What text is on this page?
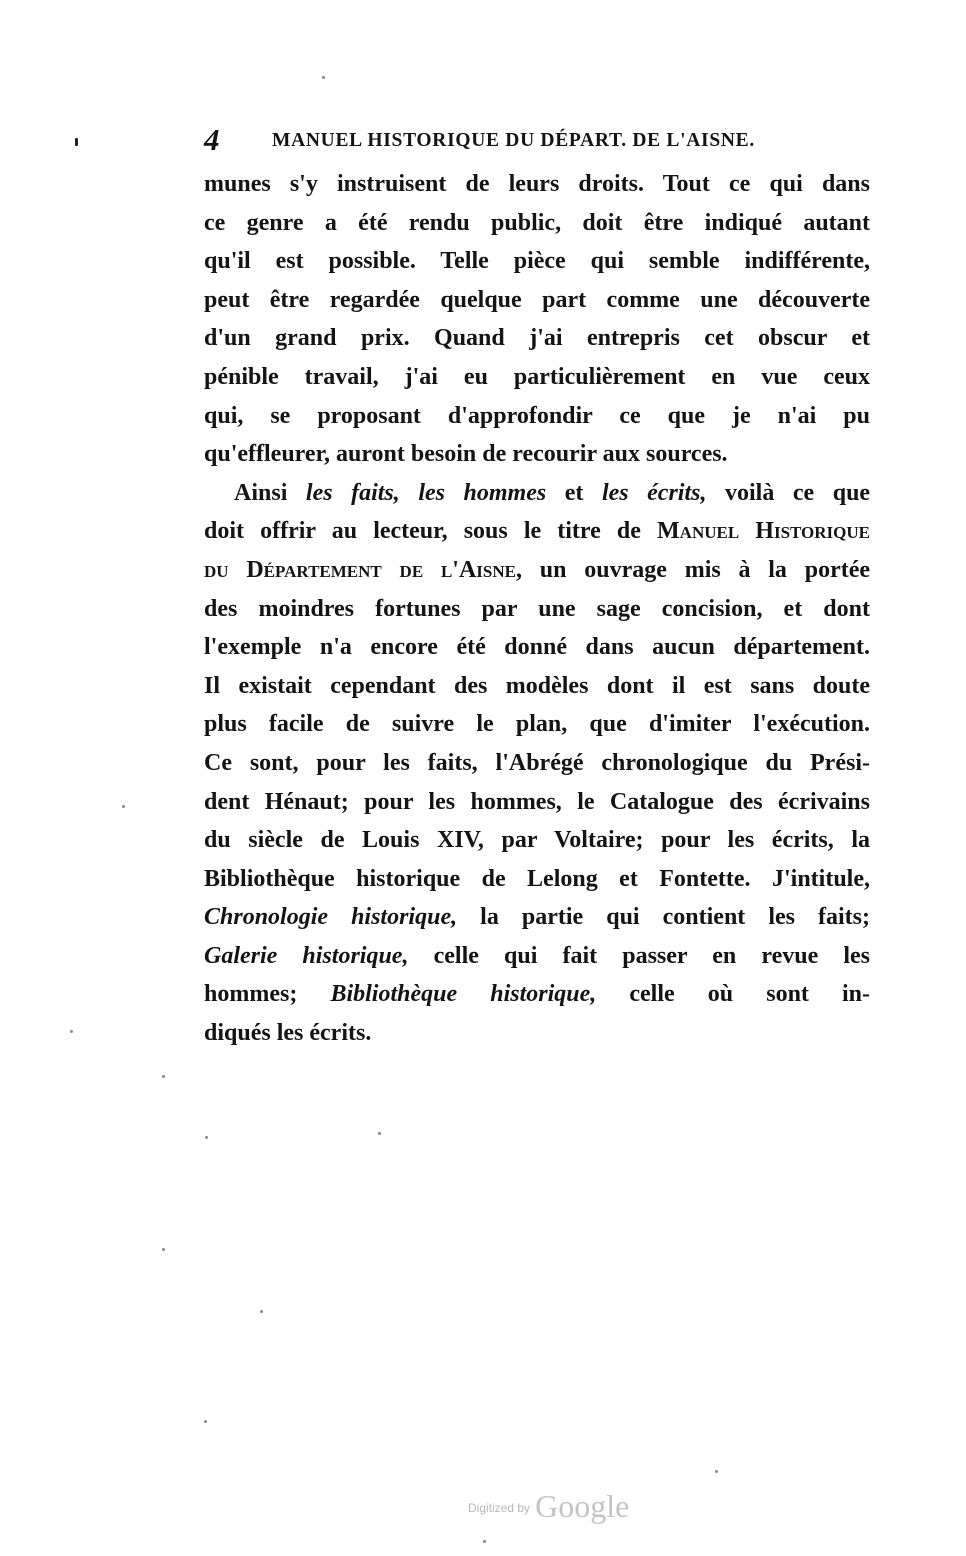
4	MANUEL HISTORIQUE DU DÉPART. DE L'AISNE.
munes s'y instruisent de leurs droits. Tout ce qui dans
ce genre a été rendu public, doit être indiqué autant
qu'il est possible. Telle pièce qui semble indifférente,
peut être regardée quelque part comme une découverte
d'un grand prix. Quand j'ai entrepris cet obscur et
pénible travail, j'ai eu particulièrement en vue ceux
qui, se proposant d'approfondir ce que je n'ai pu
qu'effleurer, auront besoin de recourir aux sources.
Ainsi les faits, les hommes et les écrits, voilà ce que
doit offrir au lecteur, sous le titre de Manuel Historique
du Département de l'Aisne, un ouvrage mis à la portée
des moindres fortunes par une sage concision, et dont
l'exemple n'a encore été donné dans aucun département.
Il existait cependant des modèles dont il est sans doute
plus facile de suivre le plan, que d'imiter l'exécution.
Ce sont, pour les faits, l'Abrégé chronologique du Prési-
dent Hénaut; pour les hommes, le Catalogue des écrivains
du siècle de Louis XIV, par Voltaire; pour les écrits, la
Bibliothèque historique de Lelong et Fontette. J'intitule,
Chronologie historique, la partie qui contient les faits;
Galerie historique, celle qui fait passer en revue les
hommes; Bibliothèque historique, celle où sont in-
diqués les écrits.
$^{Digitized by}$ Google
